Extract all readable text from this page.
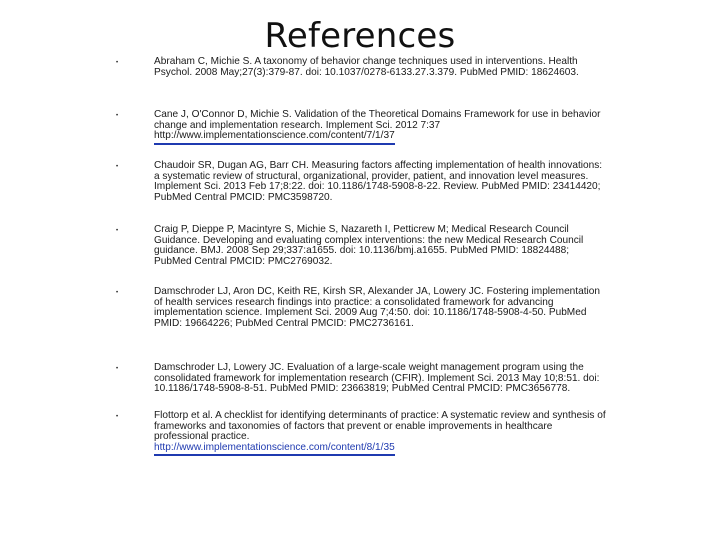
References
•	Abraham C, Michie S. A taxonomy of behavior change techniques used in interventions. Health Psychol. 2008 May;27(3):379-87. doi: 10.1037/0278-6133.27.3.379. PubMed PMID: 18624603.
•	Cane J, O'Connor D, Michie S. Validation of the Theoretical Domains Framework for use in behavior change and implementation research. Implement Sci. 2012 7:37
http://www.implementationscience.com/content/7/1/37
•	Chaudoir SR, Dugan AG, Barr CH. Measuring factors affecting implementation of health innovations: a systematic review of structural, organizational, provider, patient, and innovation level measures. Implement Sci. 2013 Feb 17;8:22. doi: 10.1186/1748-5908-8-22. Review. PubMed PMID: 23414420; PubMed Central PMCID: PMC3598720.
•	Craig P, Dieppe P, Macintyre S, Michie S, Nazareth I, Petticrew M; Medical Research Council Guidance. Developing and evaluating complex interventions: the new Medical Research Council guidance. BMJ. 2008 Sep 29;337:a1655. doi: 10.1136/bmj.a1655. PubMed PMID: 18824488; PubMed Central PMCID: PMC2769032.
•	Damschroder LJ, Aron DC, Keith RE, Kirsh SR, Alexander JA, Lowery JC. Fostering implementation of health services research findings into practice: a consolidated framework for advancing implementation science. Implement Sci. 2009 Aug 7;4:50. doi: 10.1186/1748-5908-4-50. PubMed PMID: 19664226; PubMed Central PMCID: PMC2736161.
•	Damschroder LJ, Lowery JC. Evaluation of a large-scale weight management program using the consolidated framework for implementation research (CFIR). Implement Sci. 2013 May 10;8:51. doi: 10.1186/1748-5908-8-51. PubMed PMID: 23663819; PubMed Central PMCID: PMC3656778.
•	Flottorp et al. A checklist for identifying determinants of practice: A systematic review and synthesis of frameworks and taxonomies of factors that prevent or enable improvements in healthcare professional practice.
http://www.implementationscience.com/content/8/1/35
